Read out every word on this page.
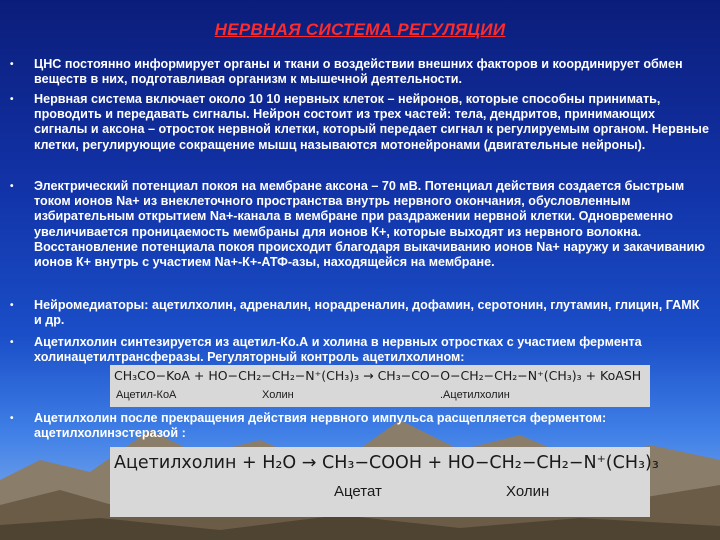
НЕРВНАЯ СИСТЕМА РЕГУЛЯЦИИ
• ЦНС постоянно информирует органы и ткани о воздействии внешних факторов и координирует обмен веществ в них, подготавливая организм к мышечной деятельности.
• Нервная система включает около 10 10 нервных клеток – нейронов, которые способны принимать, проводить и передавать сигналы. Нейрон состоит из трех частей: тела, дендритов, принимающих сигналы и аксона – отросток нервной клетки, который передает сигнал к регулируемым органом. Нервные клетки, регулирующие сокращение мышц называются мотонейронами (двигательные нейроны).
• Электрический потенциал покоя на мембране аксона – 70 мВ. Потенциал действия создается быстрым током ионов Na+ из внеклеточного пространства внутрь нервного окончания, обусловленным избирательным открытием Na+-канала в мембране при раздражении нервной клетки. Одновременно увеличивается проницаемость мембраны для ионов К+, которые выходят из нервного волокна. Восстановление потенциала покоя происходит благодаря выкачиванию ионов Na+ наружу и закачиванию ионов К+ внутрь с участием Na+-К+-АТФ-азы, находящейся на мембране.
• Нейромедиаторы: ацетилхолин, адреналин, норадреналин, дофамин, серотонин, глутамин, глицин, ГАМК и др.
• Ацетилхолин синтезируется из ацетил-Ко.А и холина в нервных отростках с участием фермента холинацетилтрансферазы. Регуляторный контроль ацетилхолином:
• Ацетилхолин после прекращения действия нервного импульса расщепляется ферментом: ацетилхолинэстеразой :
CH₃CO−KoA + HO−CH₂−CH₂−N⁺(CH₃)₃ → CH₃−CO−O−CH₂−CH₂−N⁺(CH₃)₃ + KoASH
Ацетил-КоА	Холин	.Ацетилхолин
Ацетилхолин + H₂O → CH₃−COOH + HO−CH₂−CH₂−N⁺(CH₃)₃
Ацетат	Холин
